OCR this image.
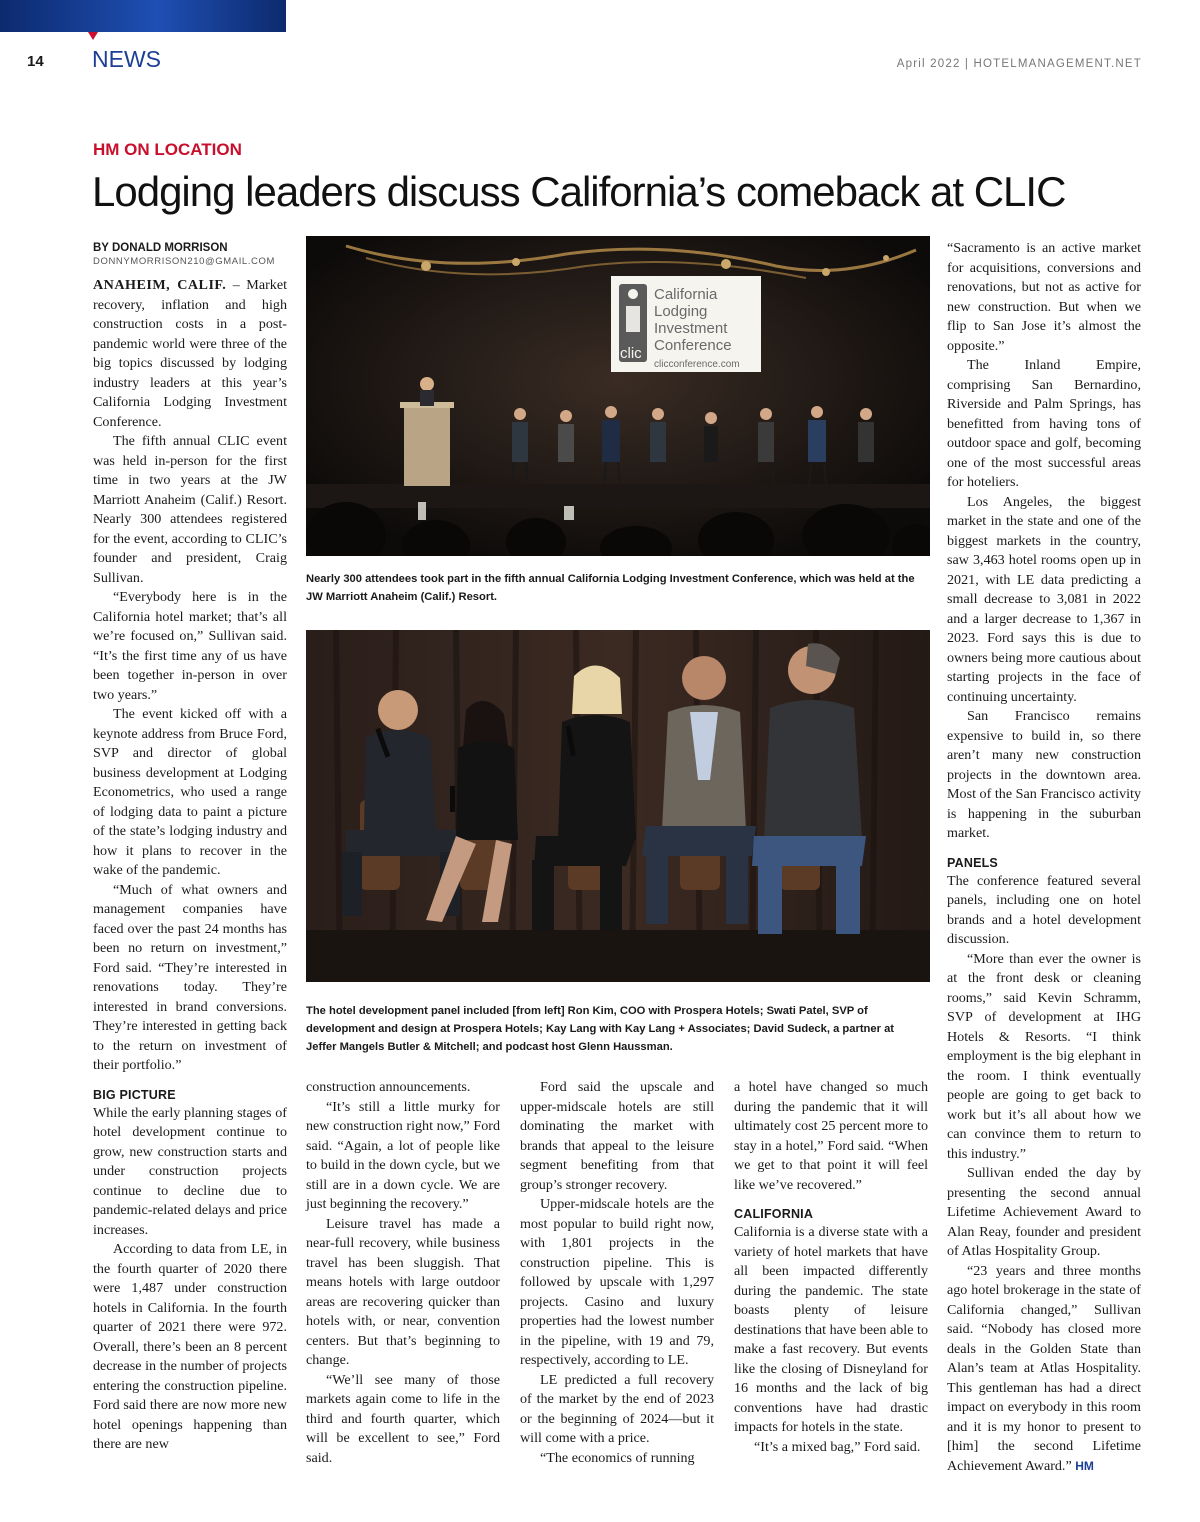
14 NEWS	April 2022 | HOTELMANAGEMENT.NET
HM ON LOCATION
Lodging leaders discuss California’s comeback at CLIC
BY DONALD MORRISON
DONNYMORRISON210@GMAIL.COM

ANAHEIM, CALIF. – Market recovery, inflation and high construction costs in a post-pandemic world were three of the big topics discussed by lodging industry leaders at this year’s California Lodging Investment Conference.

The fifth annual CLIC event was held in-person for the first time in two years at the JW Marriott Anaheim (Calif.) Resort. Nearly 300 attendees registered for the event, according to CLIC’s founder and president, Craig Sullivan.

“Everybody here is in the California hotel market; that’s all we’re focused on,” Sullivan said. “It’s the first time any of us have been together in-person in over two years.”

The event kicked off with a keynote address from Bruce Ford, SVP and director of global business development at Lodging Econometrics, who used a range of lodging data to paint a picture of the state’s lodging industry and how it plans to recover in the wake of the pandemic.

“Much of what owners and management companies have faced over the past 24 months has been no return on investment,” Ford said. “They’re interested in renovations today. They’re interested in brand conversions. They’re interested in getting back to the return on investment of their portfolio.”

BIG PICTURE

While the early planning stages of hotel development continue to grow, new construction starts and under construction projects continue to decline due to pandemic-related delays and price increases.

According to data from LE, in the fourth quarter of 2020 there were 1,487 under construction hotels in California. In the fourth quarter of 2021 there were 972. Overall, there’s been an 8 percent decrease in the number of projects entering the construction pipeline. Ford said there are now more new hotel openings happening than there are new

clic
California
Lodging
Investment
Conference
clicconference.com
Nearly 300 attendees took part in the fifth annual California Lodging Investment Conference, which was held at the JW Marriott Anaheim (Calif.) Resort.
The hotel development panel included [from left] Ron Kim, COO with Prospera Hotels; Swati Patel, SVP of development and design at Prospera Hotels; Kay Lang with Kay Lang + Associates; David Sudeck, a partner at Jeffer Mangels Butler & Mitchell; and podcast host Glenn Haussman.

construction announcements.

“It’s still a little murky for new construction right now,” Ford said. “Again, a lot of people like to build in the down cycle, but we still are in a down cycle. We are just beginning the recovery.”

Leisure travel has made a near-full recovery, while business travel has been sluggish. That means hotels with large outdoor areas are recovering quicker than hotels with, or near, convention centers. But that’s beginning to change.

“We’ll see many of those markets again come to life in the third and fourth quarter, which will be excellent to see,” Ford said.

Ford said the upscale and upper-midscale hotels are still dominating the market with brands that appeal to the leisure segment benefiting from that group’s stronger recovery.

Upper-midscale hotels are the most popular to build right now, with 1,801 projects in the construction pipeline. This is followed by upscale with 1,297 projects. Casino and luxury properties had the lowest number in the pipeline, with 19 and 79, respectively, according to LE.

LE predicted a full recovery of the market by the end of 2023 or the beginning of 2024—but it will come with a price.

“The economics of running

a hotel have changed so much during the pandemic that it will ultimately cost 25 percent more to stay in a hotel,” Ford said. “When we get to that point it will feel like we’ve recovered.”

CALIFORNIA

California is a diverse state with a variety of hotel markets that have all been impacted differently during the pandemic. The state boasts plenty of leisure destinations that have been able to make a fast recovery. But events like the closing of Disneyland for 16 months and the lack of big conventions have had drastic impacts for hotels in the state.

“It’s a mixed bag,” Ford said.

“Sacramento is an active market for acquisitions, conversions and renovations, but not as active for new construction. But when we flip to San Jose it’s almost the opposite.”

The Inland Empire, comprising San Bernardino, Riverside and Palm Springs, has benefitted from having tons of outdoor space and golf, becoming one of the most successful areas for hoteliers.

Los Angeles, the biggest market in the state and one of the biggest markets in the country, saw 3,463 hotel rooms open up in 2021, with LE data predicting a small decrease to 3,081 in 2022 and a larger decrease to 1,367 in 2023. Ford says this is due to owners being more cautious about starting projects in the face of continuing uncertainty.

San Francisco remains expensive to build in, so there aren’t many new construction projects in the downtown area. Most of the San Francisco activity is happening in the suburban market.

PANELS

The conference featured several panels, including one on hotel brands and a hotel development discussion.

“More than ever the owner is at the front desk or cleaning rooms,” said Kevin Schramm, SVP of development at IHG Hotels & Resorts. “I think employment is the big elephant in the room. I think eventually people are going to get back to work but it’s all about how we can convince them to return to this industry.”

Sullivan ended the day by presenting the second annual Lifetime Achievement Award to Alan Reay, founder and president of Atlas Hospitality Group.

“23 years and three months ago hotel brokerage in the state of California changed,” Sullivan said. “Nobody has closed more deals in the Golden State than Alan’s team at Atlas Hospitality. This gentleman has had a direct impact on everybody in this room and it is my honor to present to [him] the second Lifetime Achievement Award.” HM
